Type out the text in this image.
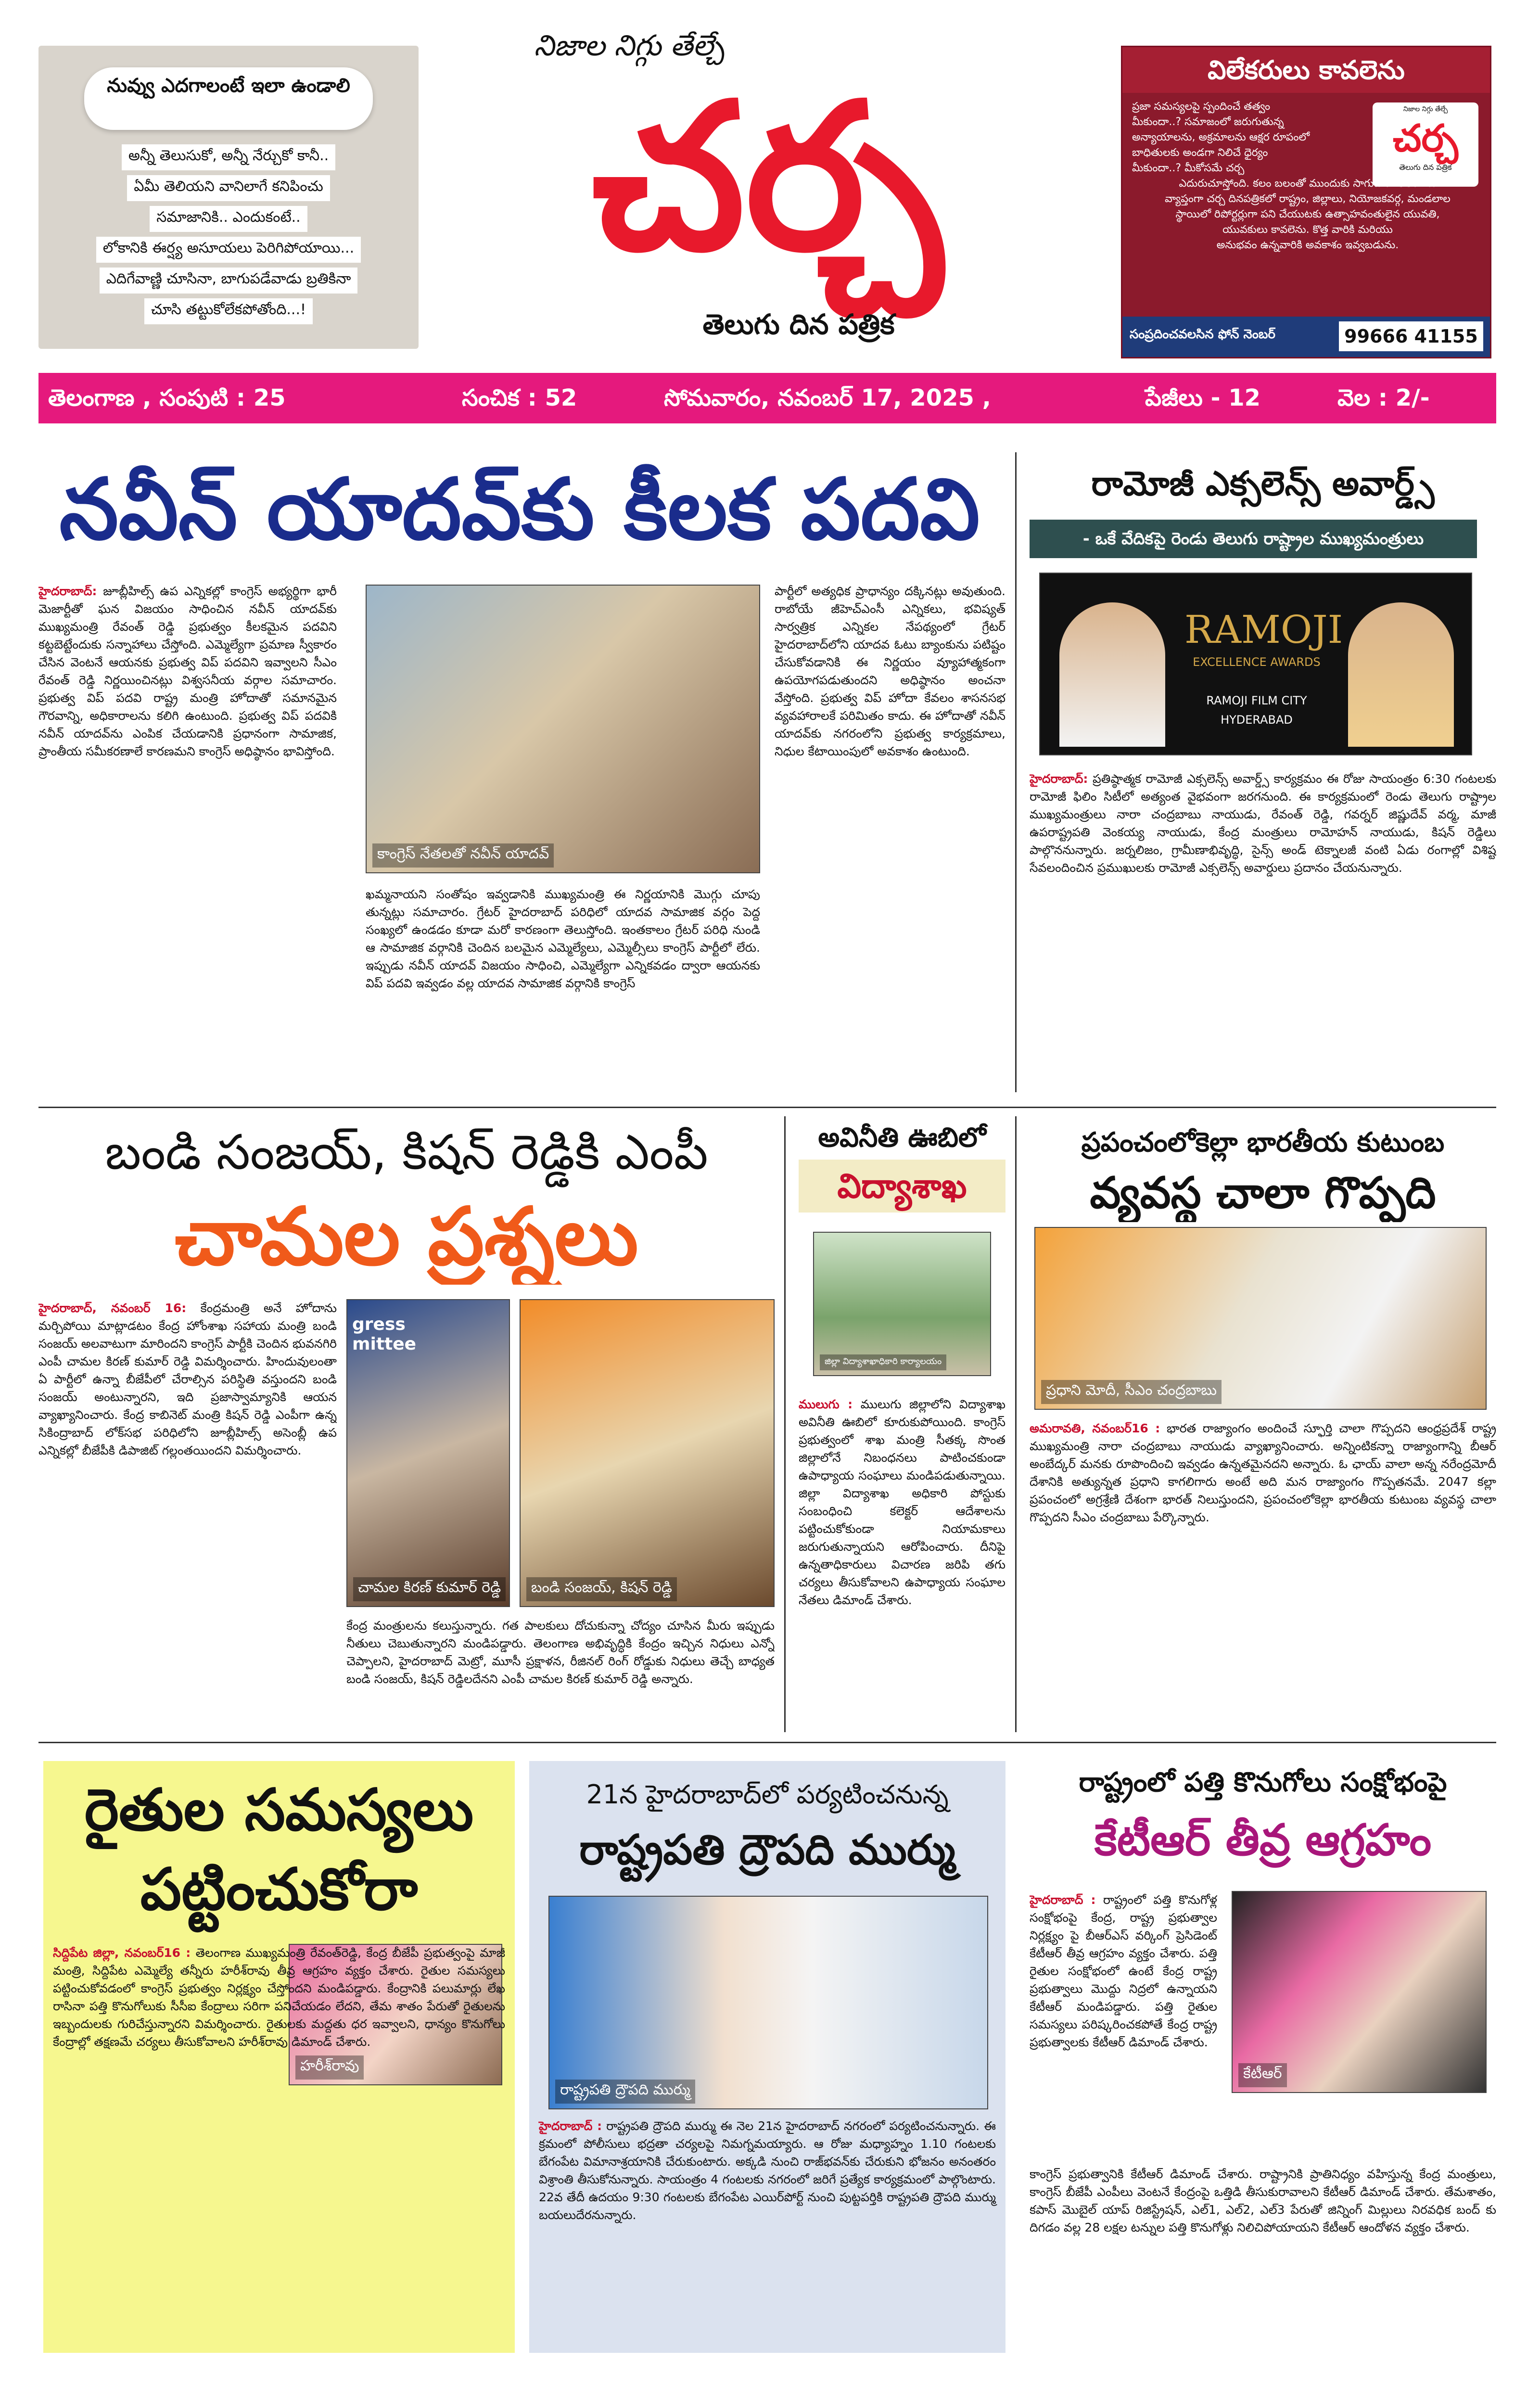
నువ్వు ఎదగాలంటే ఇలా ఉండాలి
అన్నీ తెలుసుకో, అన్నీ నేర్చుకో కానీ..
ఏమీ తెలియని వానిలాగే కనిపించు
సమాజానికి.. ఎందుకంటే..
లోకానికి ఈర్ష్య అసూయలు పెరిగిపోయాయి...
ఎదిగేవాణ్ణి చూసినా, బాగుపడేవాడు బ్రతికినా
చూసి తట్టుకోలేకపోతోంది...!
నిజాల నిగ్గు తేల్చే
చర్చ
తెలుగు దిన పత్రిక
విలేకరులు కావలెను
నిజాల నిగ్గు తేల్చే
చర్చ
తెలుగు దిన పత్రిక
ప్రజా సమస్యలపై స్పందించే తత్వం
మీకుందా..? సమాజంలో జరుగుతున్న
అన్యాయాలను, అక్రమాలను ఆక్షర రూపంలో
బాధితులకు అండగా నిలిచే ధైర్యం
మీకుందా..? మీకోసమే చర్చ
ఎదురుచూస్తోంది. కలం బలంతో ముందుకు సాగుదాం. తెలంగాణ
వ్యాప్తంగా చర్చ దినపత్రికలో రాష్ట్రం, జిల్లాలు, నియోజకవర్గ, మండలాల
స్థాయిలో రిపోర్టర్లుగా పని చేయుటకు ఉత్సాహవంతులైన యువతి,
యువకులు కావలెను. కొత్త వారికి మరియు
అనుభవం ఉన్నవారికి అవకాశం ఇవ్వబడును.
సంప్రదించవలసిన ఫోన్ నెంబర్	99666 41155
తెలంగాణ , సంపుటి : 25	సంచిక : 52	సోమవారం, నవంబర్ 17, 2025 ,	పేజీలు - 12	వెల : 2/-
నవీన్ యాదవ్‌కు కీలక పదవి
హైదరాబాద్: జూబ్లీహిల్స్ ఉప ఎన్నికల్లో కాంగ్రెస్ అభ్యర్థిగా భారీ మెజార్టీతో ఘన విజయం సాధించిన నవీన్ యాదవ్‌కు ముఖ్యమంత్రి రేవంత్ రెడ్డి ప్రభుత్వం కీలకమైన పదవిని కట్టబెట్టేందుకు సన్నాహాలు చేస్తోంది. ఎమ్మెల్యేగా ప్రమాణ స్వీకారం చేసిన వెంటనే ఆయనకు ప్రభుత్వ విప్ పదవిని ఇవ్వాలని సీఎం రేవంత్ రెడ్డి నిర్ణయించినట్లు విశ్వసనీయ వర్గాల సమాచారం. ప్రభుత్వ విప్ పదవి రాష్ట్ర మంత్రి హోదాతో సమానమైన గౌరవాన్ని, అధికారాలను కలిగి ఉంటుంది. ప్రభుత్వ విప్ పదవికి నవీన్ యాదవ్‌ను ఎంపిక చేయడానికి ప్రధానంగా సామాజిక, ప్రాంతీయ సమీకరణాలే కారణమని కాంగ్రెస్ అధిష్ఠానం భావిస్తోంది.
కాంగ్రెస్ నేతలతో నవీన్ యాదవ్
ఖమ్మనాయని సంతోషం ఇవ్వడానికి ముఖ్యమంత్రి ఈ నిర్ణయానికి మొగ్గు చూపు తున్నట్లు సమాచారం. గ్రేటర్ హైదరాబాద్ పరిధిలో యాదవ సామాజిక వర్గం పెద్ద సంఖ్యలో ఉండడం కూడా మరో కారణంగా తెలుస్తోంది. ఇంతకాలం గ్రేటర్ పరిధి నుండి ఆ సామాజిక వర్గానికి చెందిన బలమైన ఎమ్మెల్యేలు, ఎమ్మెల్సీలు కాంగ్రెస్ పార్టీలో లేరు. ఇప్పుడు నవీన్ యాదవ్ విజయం సాధించి, ఎమ్మెల్యేగా ఎన్నికవడం ద్వారా ఆయనకు విప్ పదవి ఇవ్వడం వల్ల యాదవ సామాజిక వర్గానికి కాంగ్రెస్
పార్టీలో అత్యధిక ప్రాధాన్యం దక్కినట్లు అవుతుంది. రాబోయే జీహెచ్ఎంసీ ఎన్నికలు, భవిష్యత్ సార్వత్రిక ఎన్నికల నేపథ్యంలో గ్రేటర్ హైదరాబాద్‌లోని యాదవ ఓటు బ్యాంకును పటిష్టం చేసుకోవడానికి ఈ నిర్ణయం వ్యూహాత్మకంగా ఉపయోగపడుతుందని అధిష్ఠానం అంచనా వేస్తోంది. ప్రభుత్వ విప్ హోదా కేవలం శాసనసభ వ్యవహారాలకే పరిమితం కాదు. ఈ హోదాతో నవీన్ యాదవ్‌కు నగరంలోని ప్రభుత్వ కార్యక్రమాలు, నిధుల కేటాయింపులో అవకాశం ఉంటుంది.
రామోజీ ఎక్సలెన్స్ అవార్డ్స్
- ఒకే వేదికపై రెండు తెలుగు రాష్ట్రాల ముఖ్యమంత్రులు
RAMOJI
EXCELLENCE AWARDS
RAMOJI FILM CITY
HYDERABAD
హైదరాబాద్: ప్రతిష్ఠాత్మక రామోజీ ఎక్సలెన్స్ అవార్డ్స్ కార్యక్రమం ఈ రోజు సాయంత్రం 6:30 గంటలకు రామోజీ ఫిలిం సిటీలో అత్యంత వైభవంగా జరగనుంది. ఈ కార్యక్రమంలో రెండు తెలుగు రాష్ట్రాల ముఖ్యమంత్రులు నారా చంద్రబాబు నాయుడు, రేవంత్ రెడ్డి, గవర్నర్ జిష్ణుదేవ్ వర్మ, మాజీ ఉపరాష్ట్రపతి వెంకయ్య నాయుడు, కేంద్ర మంత్రులు రామోహన్ నాయుడు, కిషన్ రెడ్డిలు పాల్గొననున్నారు. జర్నలిజం, గ్రామీణాభివృద్ధి, సైన్స్ అండ్ టెక్నాలజీ వంటి ఏడు రంగాల్లో విశిష్ట సేవలందించిన ప్రముఖులకు రామోజీ ఎక్సలెన్స్ అవార్డులు ప్రదానం చేయనున్నారు.
బండి సంజయ్, కిషన్ రెడ్డికి ఎంపీ
చామల ప్రశ్నలు
హైదరాబాద్, నవంబర్ 16: కేంద్రమంత్రి అనే హోదాను మర్చిపోయి మాట్లాడటం కేంద్ర హోంశాఖ సహాయ మంత్రి బండి సంజయ్ అలవాటుగా మారిందని కాంగ్రెస్ పార్టీకి చెందిన భువనగిరి ఎంపీ చామల కిరణ్ కుమార్ రెడ్డి విమర్శించారు. హిందువులంతా ఏ పార్టీలో ఉన్నా బీజేపీలో చేరాల్సిన పరిస్థితి వస్తుందని బండి సంజయ్ అంటున్నారని, ఇది ప్రజాస్వామ్యానికి ఆయన వ్యాఖ్యానించారు. కేంద్ర కాబినెట్ మంత్రి కిషన్ రెడ్డి ఎంపీగా ఉన్న సికింద్రాబాద్ లోక్‌సభ పరిధిలోని జూబ్లీహిల్స్ అసెంబ్లీ ఉప ఎన్నికల్లో బీజేపీకి డిపాజిట్ గల్లంతయిందని విమర్శించారు.
gress mittee
చామల కిరణ్ కుమార్ రెడ్డి	బండి సంజయ్, కిషన్ రెడ్డి
కేంద్ర మంత్రులను కలుస్తున్నారు. గత పాలకులు దోచుకున్నా చోద్యం చూసిన మీరు ఇప్పుడు నీతులు చెబుతున్నారని మండిపడ్డారు. తెలంగాణ అభివృద్ధికి కేంద్రం ఇచ్చిన నిధులు ఎన్నో చెప్పాలని, హైదరాబాద్ మెట్రో, మూసీ ప్రక్షాళన, రీజినల్ రింగ్ రోడ్డుకు నిధులు తెచ్చే బాధ్యత బండి సంజయ్, కిషన్ రెడ్డిలదేనని ఎంపీ చామల కిరణ్ కుమార్ రెడ్డి అన్నారు.
అవినీతి ఊబిలో
విద్యాశాఖ
జిల్లా విద్యాశాఖాధికారి కార్యాలయం
ములుగు : ములుగు జిల్లాలోని విద్యాశాఖ అవినీతి ఊబిలో కూరుకుపోయింది. కాంగ్రెస్ ప్రభుత్వంలో శాఖ మంత్రి సీతక్క సొంత జిల్లాలోనే నిబంధనలు పాటించకుండా ఉపాధ్యాయ సంఘాలు మండిపడుతున్నాయి. జిల్లా విద్యాశాఖ అధికారి పోస్టుకు సంబంధించి కలెక్టర్ ఆదేశాలను పట్టించుకోకుండా నియామకాలు జరుగుతున్నాయని ఆరోపించారు. దీనిపై ఉన్నతాధికారులు విచారణ జరిపి తగు చర్యలు తీసుకోవాలని ఉపాధ్యాయ సంఘాల నేతలు డిమాండ్ చేశారు.
ప్రపంచంలోకెల్లా భారతీయ కుటుంబ
వ్యవస్థ చాలా గొప్పది
ప్రధాని మోదీ, సీఎం చంద్రబాబు
అమరావతి, నవంబర్16 : భారత రాజ్యాంగం అందించే స్ఫూర్తి చాలా గొప్పదని ఆంధ్రప్రదేశ్ రాష్ట్ర ముఖ్యమంత్రి నారా చంద్రబాబు నాయుడు వ్యాఖ్యానించారు. అన్నింటికన్నా రాజ్యాంగాన్ని బీఆర్ అంబేద్కర్ మనకు రూపొందించి ఇవ్వడం ఉన్నతమైనదని అన్నారు. ఓ ఛాయ్ వాలా అన్న నరేంద్రమోదీ దేశానికి అత్యున్నత ప్రధాని కాగలిగారు అంటే అది మన రాజ్యాంగం గొప్పతనమే. 2047 కల్లా ప్రపంచంలో అగ్రశ్రేణి దేశంగా భారత్ నిలుస్తుందని, ప్రపంచంలోకెల్లా భారతీయ కుటుంబ వ్యవస్థ చాలా గొప్పదని సీఎం చంద్రబాబు పేర్కొన్నారు.
రైతుల సమస్యలు పట్టించుకోరా
హరీశ్‌రావు
సిద్దిపేట జిల్లా, నవంబర్16 : తెలంగాణ ముఖ్యమంత్రి రేవంత్‌రెడ్డి, కేంద్ర బీజేపీ ప్రభుత్వంపై మాజీ మంత్రి, సిద్దిపేట ఎమ్మెల్యే తన్నీరు హరీశ్‌రావు తీవ్ర ఆగ్రహం వ్యక్తం చేశారు. రైతుల సమస్యలు పట్టించుకోవడంలో కాంగ్రెస్ ప్రభుత్వం నిర్లక్ష్యం చేస్తోందని మండిపడ్డారు. కేంద్రానికి పలుమార్లు లేఖ రాసినా పత్తి కొనుగోలుకు సీసీఐ కేంద్రాలు సరిగా పనిచేయడం లేదని, తేమ శాతం పేరుతో రైతులను ఇబ్బందులకు గురిచేస్తున్నారని విమర్శించారు. రైతులకు మద్దతు ధర ఇవ్వాలని, ధాన్యం కొనుగోలు కేంద్రాల్లో తక్షణమే చర్యలు తీసుకోవాలని హరీశ్‌రావు డిమాండ్ చేశారు.
21న హైదరాబాద్‌లో పర్యటించనున్న
రాష్ట్రపతి ద్రౌపది ముర్ము
రాష్ట్రపతి ద్రౌపది ముర్ము
హైదరాబాద్ : రాష్ట్రపతి ద్రౌపది ముర్ము ఈ నెల 21న హైదరాబాద్ నగరంలో పర్యటించనున్నారు. ఈ క్రమంలో పోలీసులు భద్రతా చర్యలపై నిమగ్నమయ్యారు. ఆ రోజు మధ్యాహ్నం 1.10 గంటలకు బేగంపేట విమానాశ్రయానికి చేరుకుంటారు. అక్కడి నుంచి రాజ్‌భవన్‌కు చేరుకుని భోజనం అనంతరం విశ్రాంతి తీసుకోనున్నారు. సాయంత్రం 4 గంటలకు నగరంలో జరిగే ప్రత్యేక కార్యక్రమంలో పాల్గొంటారు. 22వ తేదీ ఉదయం 9:30 గంటలకు బేగంపేట ఎయిర్‌పోర్ట్ నుంచి పుట్టపర్తికి రాష్ట్రపతి ద్రౌపది ముర్ము బయలుదేరనున్నారు.
రాష్ట్రంలో పత్తి కొనుగోలు సంక్షోభంపై
కేటీఆర్ తీవ్ర ఆగ్రహం
హైదరాబాద్ : రాష్ట్రంలో పత్తి కొనుగోళ్ల సంక్షోభంపై కేంద్ర, రాష్ట్ర ప్రభుత్వాల నిర్లక్ష్యం పై బీఆర్ఎస్ వర్కింగ్ ప్రెసిడెంట్ కేటీఆర్ తీవ్ర ఆగ్రహం వ్యక్తం చేశారు. పత్తి రైతుల సంక్షోభంలో ఉంటే కేంద్ర రాష్ట్ర ప్రభుత్వాలు మొద్దు నిద్రలో ఉన్నాయని కేటీఆర్ మండిపడ్డారు. పత్తి రైతుల సమస్యలు పరిష్కరించకపోతే కేంద్ర రాష్ట్ర ప్రభుత్వాలకు కేటీఆర్ డిమాండ్ చేశారు.
కేటీఆర్
కాంగ్రెస్ ప్రభుత్వానికి కేటీఆర్ డిమాండ్ చేశారు. రాష్ట్రానికి ప్రాతినిధ్యం వహిస్తున్న కేంద్ర మంత్రులు, కాంగ్రెస్ బీజేపీ ఎంపీలు వెంటనే కేంద్రంపై ఒత్తిడి తీసుకురావాలని కేటీఆర్ డిమాండ్ చేశారు. తేమశాతం, కపాస్ మొబైల్ యాప్ రిజిస్ట్రేషన్, ఎల్1, ఎల్2, ఎల్3 పేరుతో జిన్నింగ్ మిల్లులు నిరవధిక బంద్ కు దిగడం వల్ల 28 లక్షల టన్నుల పత్తి కొనుగోళ్లు నిలిచిపోయాయని కేటీఆర్ ఆందోళన వ్యక్తం చేశారు.
